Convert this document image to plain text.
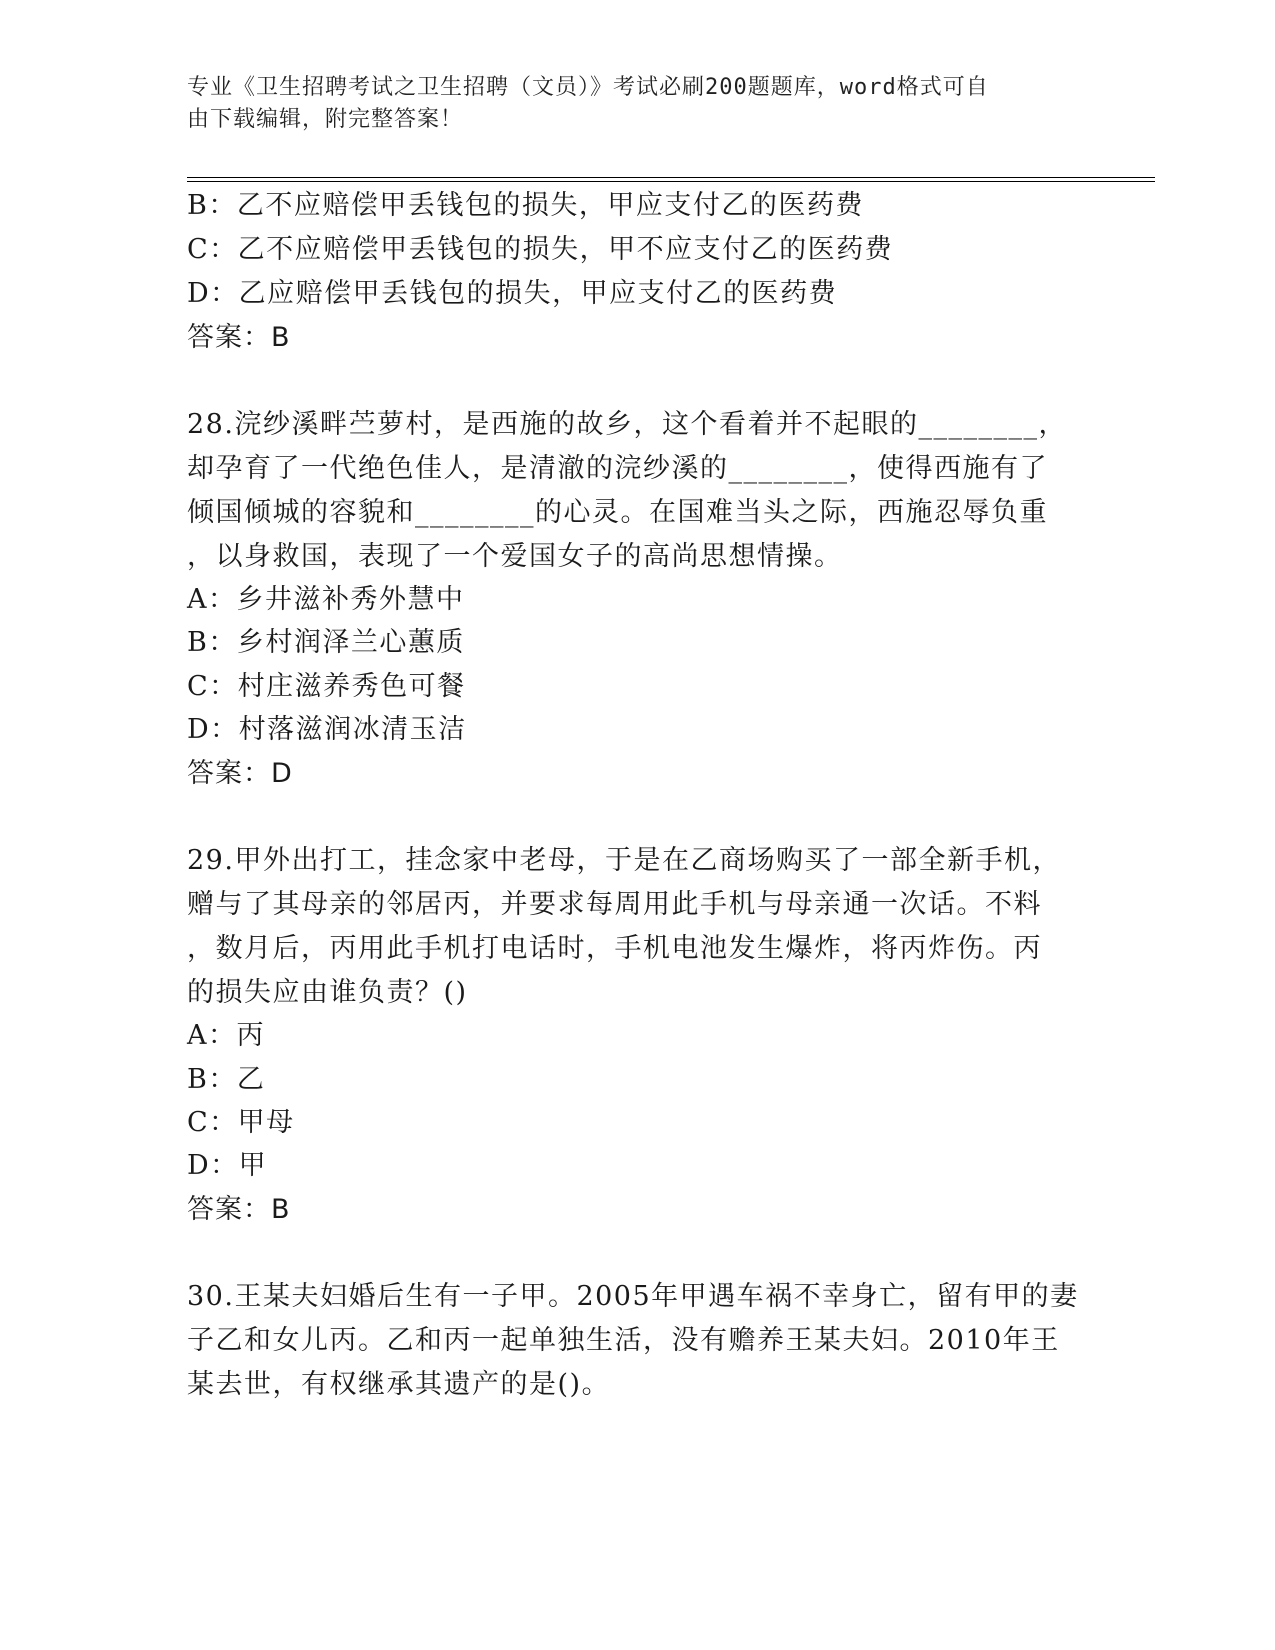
专业《卫生招聘考试之卫生招聘（文员）》考试必刷200题题库，word格式可自
由下载编辑，附完整答案！
B：乙不应赔偿甲丢钱包的损失，甲应支付乙的医药费
C：乙不应赔偿甲丢钱包的损失，甲不应支付乙的医药费
D：乙应赔偿甲丢钱包的损失，甲应支付乙的医药费
答案：B
28.浣纱溪畔苎萝村，是西施的故乡，这个看着并不起眼的________，
却孕育了一代绝色佳人，是清澈的浣纱溪的________，使得西施有了
倾国倾城的容貌和________的心灵。在国难当头之际，西施忍辱负重
，以身救国，表现了一个爱国女子的高尚思想情操。
A：乡井滋补秀外慧中
B：乡村润泽兰心蕙质
C：村庄滋养秀色可餐
D：村落滋润冰清玉洁
答案：D
29.甲外出打工，挂念家中老母，于是在乙商场购买了一部全新手机，
赠与了其母亲的邻居丙，并要求每周用此手机与母亲通一次话。不料
，数月后，丙用此手机打电话时，手机电池发生爆炸，将丙炸伤。丙
的损失应由谁负责？()
A：丙
B：乙
C：甲母
D：甲
答案：B
30.王某夫妇婚后生有一子甲。2005年甲遇车祸不幸身亡，留有甲的妻
子乙和女儿丙。乙和丙一起单独生活，没有赡养王某夫妇。2010年王
某去世，有权继承其遗产的是()。
